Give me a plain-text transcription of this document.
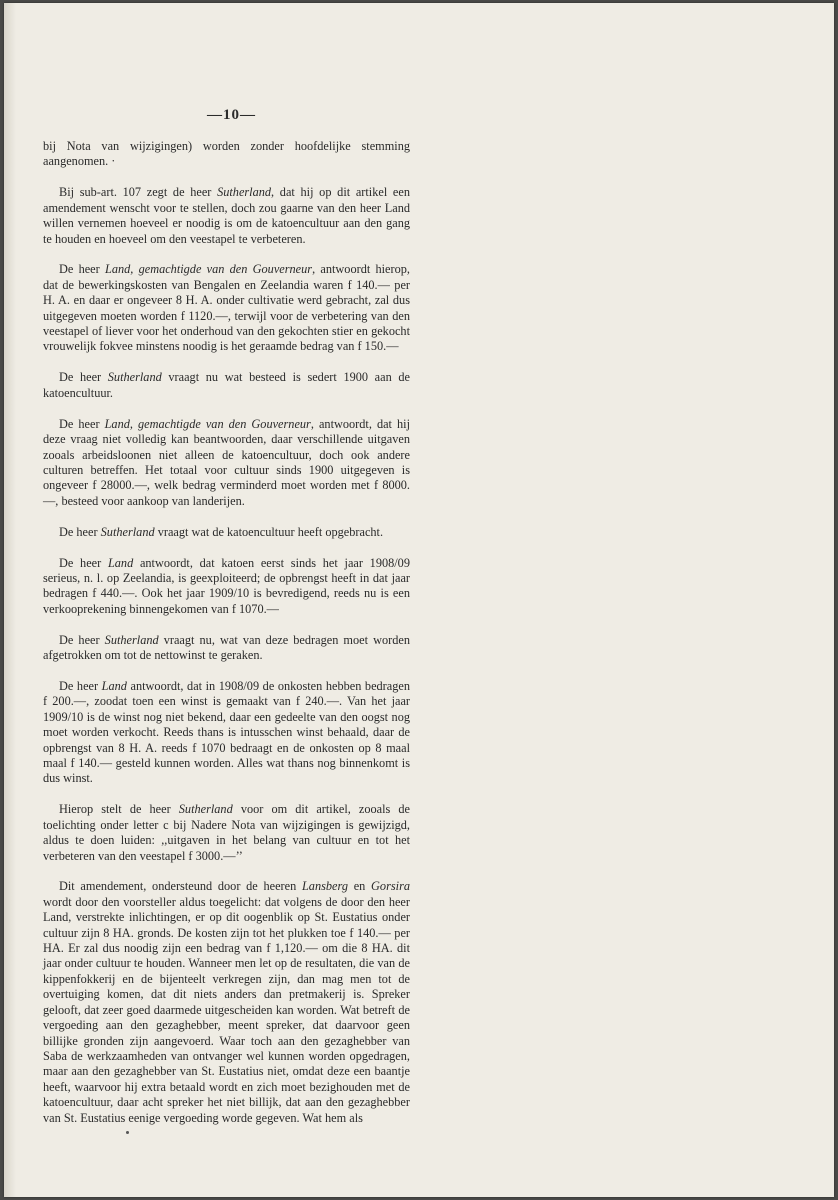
—10—

bij Nota van wijzigingen) worden zonder hoofdelijke stemming aangenomen. ·

Bij sub-art. 107 zegt de heer Sutherland, dat hij op dit artikel een amendement wenscht voor te stellen, doch zou gaarne van den heer Land willen vernemen hoeveel er noodig is om de katoencultuur aan den gang te houden en hoeveel om den veestapel te verbeteren.

De heer Land, gemachtigde van den Gouverneur, antwoordt hierop, dat de bewerkingskosten van Bengalen en Zeelandia waren f 140.— per H. A. en daar er ongeveer 8 H. A. onder cultivatie werd gebracht, zal dus uitgegeven moeten worden f 1120.—, terwijl voor de verbetering van den veestapel of liever voor het onderhoud van den gekochten stier en gekocht vrouwelijk fokvee minstens noodig is het geraamde bedrag van f 150.—

De heer Sutherland vraagt nu wat besteed is sedert 1900 aan de katoencultuur.

De heer Land, gemachtigde van den Gouverneur, antwoordt, dat hij deze vraag niet volledig kan beantwoorden, daar verschillende uitgaven zooals arbeidsloonen niet alleen de katoencultuur, doch ook andere culturen betreffen. Het totaal voor cultuur sinds 1900 uitgegeven is ongeveer f 28000.—, welk bedrag verminderd moet worden met f 8000.—, besteed voor aankoop van landerijen.

De heer Sutherland vraagt wat de katoencultuur heeft opgebracht.

De heer Land antwoordt, dat katoen eerst sinds het jaar 1908/09 serieus, n. l. op Zeelandia, is geexploiteerd; de opbrengst heeft in dat jaar bedragen f 440.—. Ook het jaar 1909/10 is bevredigend, reeds nu is een verkooprekening binnengekomen van f 1070.—

De heer Sutherland vraagt nu, wat van deze bedragen moet worden afgetrokken om tot de nettowinst te geraken.

De heer Land antwoordt, dat in 1908/09 de onkosten hebben bedragen f 200.—, zoodat toen een winst is gemaakt van f 240.—. Van het jaar 1909/10 is de winst nog niet bekend, daar een gedeelte van den oogst nog moet worden verkocht. Reeds thans is intusschen winst behaald, daar de opbrengst van 8 H. A. reeds f 1070 bedraagt en de onkosten op 8 maal maal f 140.— gesteld kunnen worden. Alles wat thans nog binnenkomt is dus winst.

Hierop stelt de heer Sutherland voor om dit artikel, zooals de toelichting onder letter c bij Nadere Nota van wijzigingen is gewijzigd, aldus te doen luiden: ,,uitgaven in het belang van cultuur en tot het verbeteren van den veestapel f 3000.—’’

Dit amendement, ondersteund door de heeren Lansberg en Gorsira wordt door den voorsteller aldus toegelicht: dat volgens de door den heer Land, verstrekte inlichtingen, er op dit oogenblik op St. Eustatius onder cultuur zijn 8 HA. gronds. De kosten zijn tot het plukken toe f 140.— per HA. Er zal dus noodig zijn een bedrag van f 1,120.— om die 8 HA. dit jaar onder cultuur te houden. Wanneer men let op de resultaten, die van de kippenfokkerij en de bijenteelt verkregen zijn, dan mag men tot de overtuiging komen, dat dit niets anders dan pretmakerij is. Spreker gelooft, dat zeer goed daarmede uitgescheiden kan worden. Wat betreft de vergoeding aan den gezaghebber, meent spreker, dat daarvoor geen billijke gronden zijn aangevoerd. Waar toch aan den gezaghebber van Saba de werkzaamheden van ontvanger wel kunnen worden opgedragen, maar aan den gezaghebber van St. Eustatius niet, omdat deze een baantje heeft, waarvoor hij extra betaald wordt en zich moet bezighouden met de katoencultuur, daar acht spreker het niet billijk, dat aan den gezaghebber van St. Eustatius eenige vergoeding worde gegeven. Wat hem als
